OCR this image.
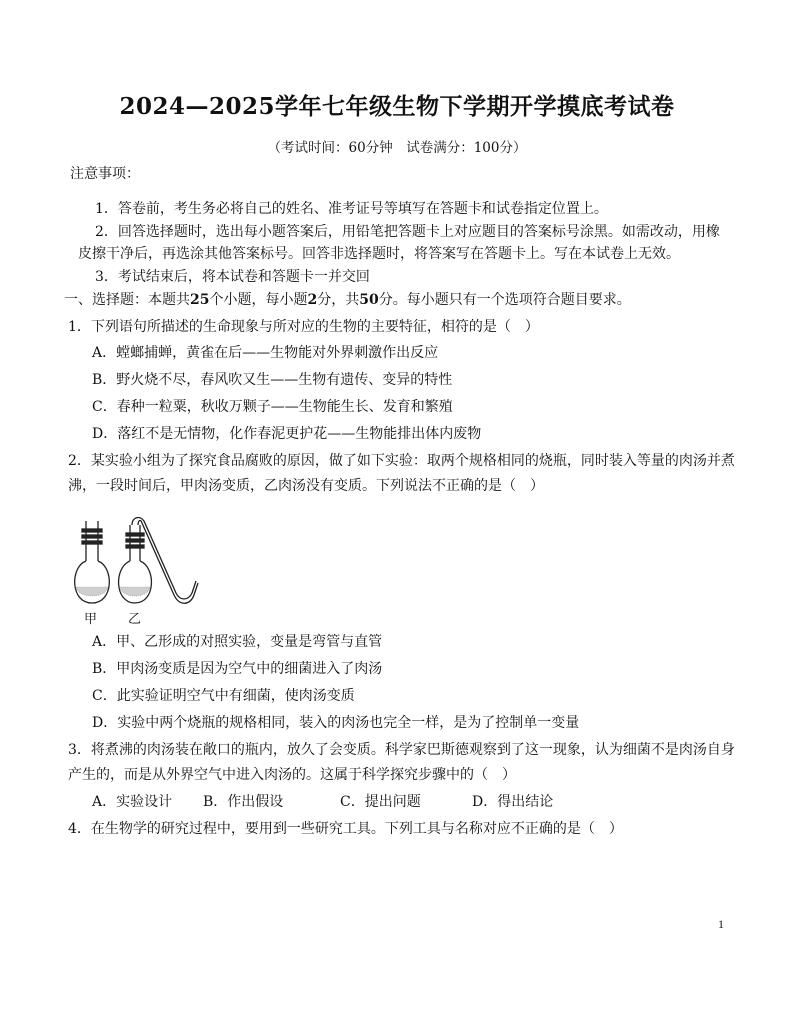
2024—2025学年七年级生物下学期开学摸底考试卷
（考试时间：60分钟　试卷满分：100分）
注意事项：
1．答卷前，考生务必将自己的姓名、准考证号等填写在答题卡和试卷指定位置上。
2．回答选择题时，选出每小题答案后，用铅笔把答题卡上对应题目的答案标号涂黑。如需改动，用橡
皮擦干净后，再选涂其他答案标号。回答非选择题时，将答案写在答题卡上。写在本试卷上无效。
3．考试结束后，将本试卷和答题卡一并交回
一、选择题：本题共25个小题，每小题2分，共50分。每小题只有一个选项符合题目要求。
1．下列语句所描述的生命现象与所对应的生物的主要特征，相符的是（　）
A．螳螂捕蝉，黄雀在后——生物能对外界刺激作出反应
B．野火烧不尽，春风吹又生——生物有遗传、变异的特性
C．春种一粒粟，秋收万颗子——生物能生长、发育和繁殖
D．落红不是无情物，化作春泥更护花——生物能排出体内废物
2．某实验小组为了探究食品腐败的原因，做了如下实验：取两个规格相同的烧瓶，同时装入等量的肉汤并煮
沸，一段时间后，甲肉汤变质，乙肉汤没有变质。下列说法不正确的是（　）
甲 乙
A．甲、乙形成的对照实验，变量是弯管与直管
B．甲肉汤变质是因为空气中的细菌进入了肉汤
C．此实验证明空气中有细菌，使肉汤变质
D．实验中两个烧瓶的规格相同，装入的肉汤也完全一样，是为了控制单一变量
3．将煮沸的肉汤装在敞口的瓶内，放久了会变质。科学家巴斯德观察到了这一现象，认为细菌不是肉汤自身
产生的，而是从外界空气中进入肉汤的。这属于科学探究步骤中的（　）
A．实验设计 B．作出假设	C．提出问题	D．得出结论
4．在生物学的研究过程中，要用到一些研究工具。下列工具与名称对应不正确的是（　）
1
